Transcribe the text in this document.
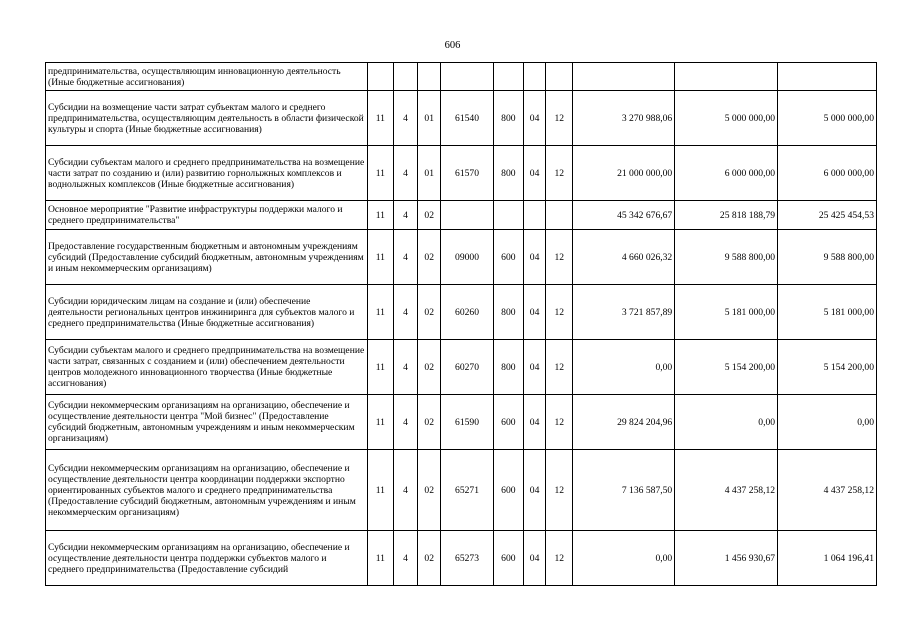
606
предпринимательства, осуществляющим инновационную деятельность (Иные бюджетные ассигнования)										
Субсидии на возмещение части затрат субъектам малого и среднего предпринимательства, осуществляющим деятельность в области физической культуры и спорта (Иные бюджетные ассигнования)	11	4	01	61540	800	04	12	3 270 988,06	5 000 000,00	5 000 000,00
Субсидии субъектам малого и среднего предпринимательства на возмещение части затрат по созданию и (или) развитию горнолыжных комплексов и воднолыжных комплексов (Иные бюджетные ассигнования)	11	4	01	61570	800	04	12	21 000 000,00	6 000 000,00	6 000 000,00
Основное мероприятие "Развитие инфраструктуры поддержки малого и среднего предпринимательства"	11	4	02					45 342 676,67	25 818 188,79	25 425 454,53
Предоставление государственным бюджетным и автономным учреждениям субсидий (Предоставление субсидий бюджетным, автономным учреждениям и иным некоммерческим организациям)	11	4	02	09000	600	04	12	4 660 026,32	9 588 800,00	9 588 800,00
Субсидии юридическим лицам на создание и (или) обеспечение деятельности региональных центров инжиниринга для субъектов малого и среднего предпринимательства (Иные бюджетные ассигнования)	11	4	02	60260	800	04	12	3 721 857,89	5 181 000,00	5 181 000,00
Субсидии субъектам малого и среднего предпринимательства на возмещение части затрат, связанных с созданием и (или) обеспечением деятельности центров молодежного инновационного творчества (Иные бюджетные ассигнования)	11	4	02	60270	800	04	12	0,00	5 154 200,00	5 154 200,00
Субсидии некоммерческим организациям на организацию, обеспечение и осуществление деятельности центра "Мой бизнес" (Предоставление субсидий бюджетным, автономным учреждениям и иным некоммерческим организациям)	11	4	02	61590	600	04	12	29 824 204,96	0,00	0,00
Субсидии некоммерческим организациям на организацию, обеспечение и осуществление деятельности центра координации поддержки экспортно ориентированных субъектов малого и среднего предпринимательства (Предоставление субсидий бюджетным, автономным учреждениям и иным некоммерческим организациям)	11	4	02	65271	600	04	12	7 136 587,50	4 437 258,12	4 437 258,12
Субсидии некоммерческим организациям на организацию, обеспечение и осуществление деятельности центра поддержки субъектов малого и среднего предпринимательства (Предоставление субсидий	11	4	02	65273	600	04	12	0,00	1 456 930,67	1 064 196,41
